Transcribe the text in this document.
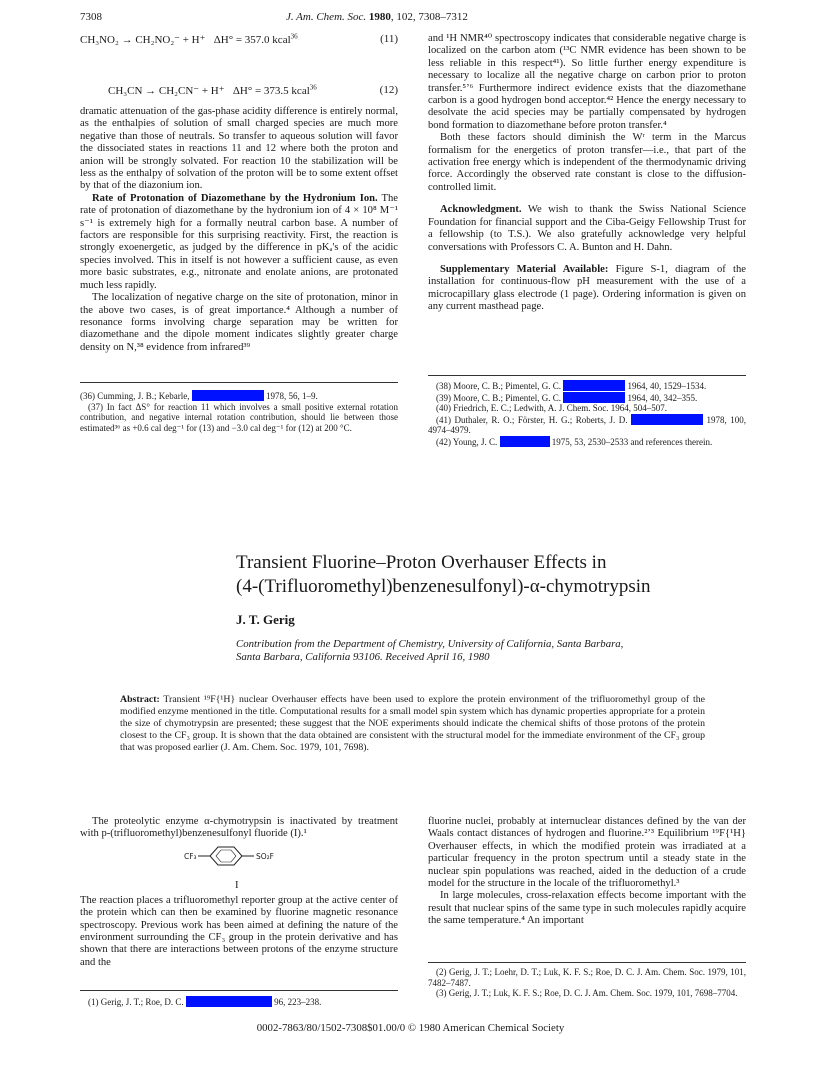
7308	J. Am. Chem. Soc. 1980, 102, 7308–7312
CH₃NO₂ → CH₂NO₂⁻ + H⁺ ΔH° = 357.0 kcal$^{36}$	(11)
CH₃CN → CH₂CN⁻ + H⁺ ΔH° = 373.5 kcal$^{36}$	(12)
dramatic attenuation of the gas-phase acidity difference is entirely normal, as the enthalpies of solution of small charged species are much more negative than those of neutrals. So transfer to aqueous solution will favor the dissociated states in reactions 11 and 12 where both the proton and anion will be strongly solvated. For reaction 10 the stabilization will be less as the enthalpy of solvation of the proton will be to some extent offset by that of the diazonium ion.
Rate of Protonation of Diazomethane by the Hydronium Ion. The rate of protonation of diazomethane by the hydronium ion of 4 × 10⁸ M⁻¹ s⁻¹ is extremely high for a formally neutral carbon base. A number of factors are responsible for this surprising reactivity. First, the reaction is strongly exoenergetic, as judged by the difference in pKₐ's of the acidic species involved. This in itself is not however a sufficient cause, as even more basic substrates, e.g., nitronate and enolate anions, are protonated much less rapidly.
The localization of negative charge on the site of protonation, minor in the above two cases, is of great importance.⁴ Although a number of resonance forms involving charge separation may be written for diazomethane and the dipole moment indicates slightly greater charge density on N,³⁸ evidence from infrared³⁹
(36) Cumming, J. B.; Kebarle,	1978, 56, 1–9.
(37) In fact ΔS° for reaction 11 which involves a small positive external rotation contribution, and negative internal rotation contribution, should lie between those estimated³⁶ as +0.6 cal deg⁻¹ for (13) and −3.0 cal deg⁻¹ for (12) at 200 °C.
and ¹H NMR⁴⁰ spectroscopy indicates that considerable negative charge is localized on the carbon atom (¹³C NMR evidence has been shown to be less reliable in this respect⁴¹). So little further energy expenditure is necessary to localize all the negative charge on carbon prior to proton transfer.⁵ʼ⁶ Furthermore indirect evidence exists that the diazomethane carbon is a good hydrogen bond acceptor.⁴² Hence the energy necessary to desolvate the acid species may be partially compensated by hydrogen bond formation to diazomethane before proton transfer.⁴
Both these factors should diminish the Wʳ term in the Marcus formalism for the energetics of proton transfer—i.e., that part of the activation free energy which is independent of the thermodynamic driving force. Accordingly the observed rate constant is close to the diffusion-controlled limit.
Acknowledgment. We wish to thank the Swiss National Science Foundation for financial support and the Ciba-Geigy Fellowship Trust for a fellowship (to T.S.). We also gratefully acknowledge very helpful conversations with Professors C. A. Bunton and H. Dahn.
Supplementary Material Available: Figure S-1, diagram of the installation for continuous-flow pH measurement with the use of a microcapillary glass electrode (1 page). Ordering information is given on any current masthead page.
(38) Moore, C. B.; Pimentel, G. C.	1964, 40, 1529–1534.
(39) Moore, C. B.; Pimentel, G. C.	1964, 40, 342–355.
(40) Friedrich, E. C.; Ledwith, A. J. Chem. Soc. 1964, 504–507.
(41) Duthaler, R. O.; Förster, H. G.; Roberts, J. D.	1978, 100, 4974–4979.
(42) Young, J. C.	1975, 53, 2530–2533 and references therein.
Transient Fluorine–Proton Overhauser Effects in
(4-(Trifluoromethyl)benzenesulfonyl)-α-chymotrypsin
J. T. Gerig
Contribution from the Department of Chemistry, University of California, Santa Barbara,
Santa Barbara, California 93106. Received April 16, 1980
Abstract: Transient ¹⁹F{¹H} nuclear Overhauser effects have been used to explore the protein environment of the trifluoromethyl group of the modified enzyme mentioned in the title. Computational results for a small model spin system which has dynamic properties appropriate for a protein the size of chymotrypsin are presented; these suggest that the NOE experiments should indicate the chemical shifts of those protons of the protein closest to the CF₃ group. It is shown that the data obtained are consistent with the structural model for the immediate environment of the CF₃ group that was proposed earlier (J. Am. Chem. Soc. 1979, 101, 7698).
The proteolytic enzyme α-chymotrypsin is inactivated by treatment with p-(trifluoromethyl)benzenesulfonyl fluoride (I).¹
CF₃	SO₂F
I
The reaction places a trifluoromethyl reporter group at the active center of the protein which can then be examined by fluorine magnetic resonance spectroscopy. Previous work has been aimed at defining the nature of the environment surrounding the CF₃ group in the protein derivative and has shown that there are interactions between protons of the enzyme structure and the
(1) Gerig, J. T.; Roe, D. C.	96, 223–238.
fluorine nuclei, probably at internuclear distances defined by the van der Waals contact distances of hydrogen and fluorine.²ʼ³ Equilibrium ¹⁹F{¹H} Overhauser effects, in which the modified protein was irradiated at a particular frequency in the proton spectrum until a steady state in the nuclear spin populations was reached, aided in the deduction of a crude model for the structure in the locale of the trifluoromethyl.³
In large molecules, cross-relaxation effects become important with the result that nuclear spins of the same type in such molecules rapidly acquire the same temperature.⁴ An important
(2) Gerig, J. T.; Loehr, D. T.; Luk, K. F. S.; Roe, D. C. J. Am. Chem. Soc. 1979, 101, 7482–7487.
(3) Gerig, J. T.; Luk, K. F. S.; Roe, D. C. J. Am. Chem. Soc. 1979, 101, 7698–7704.
0002-7863/80/1502-7308$01.00/0 © 1980 American Chemical Society
